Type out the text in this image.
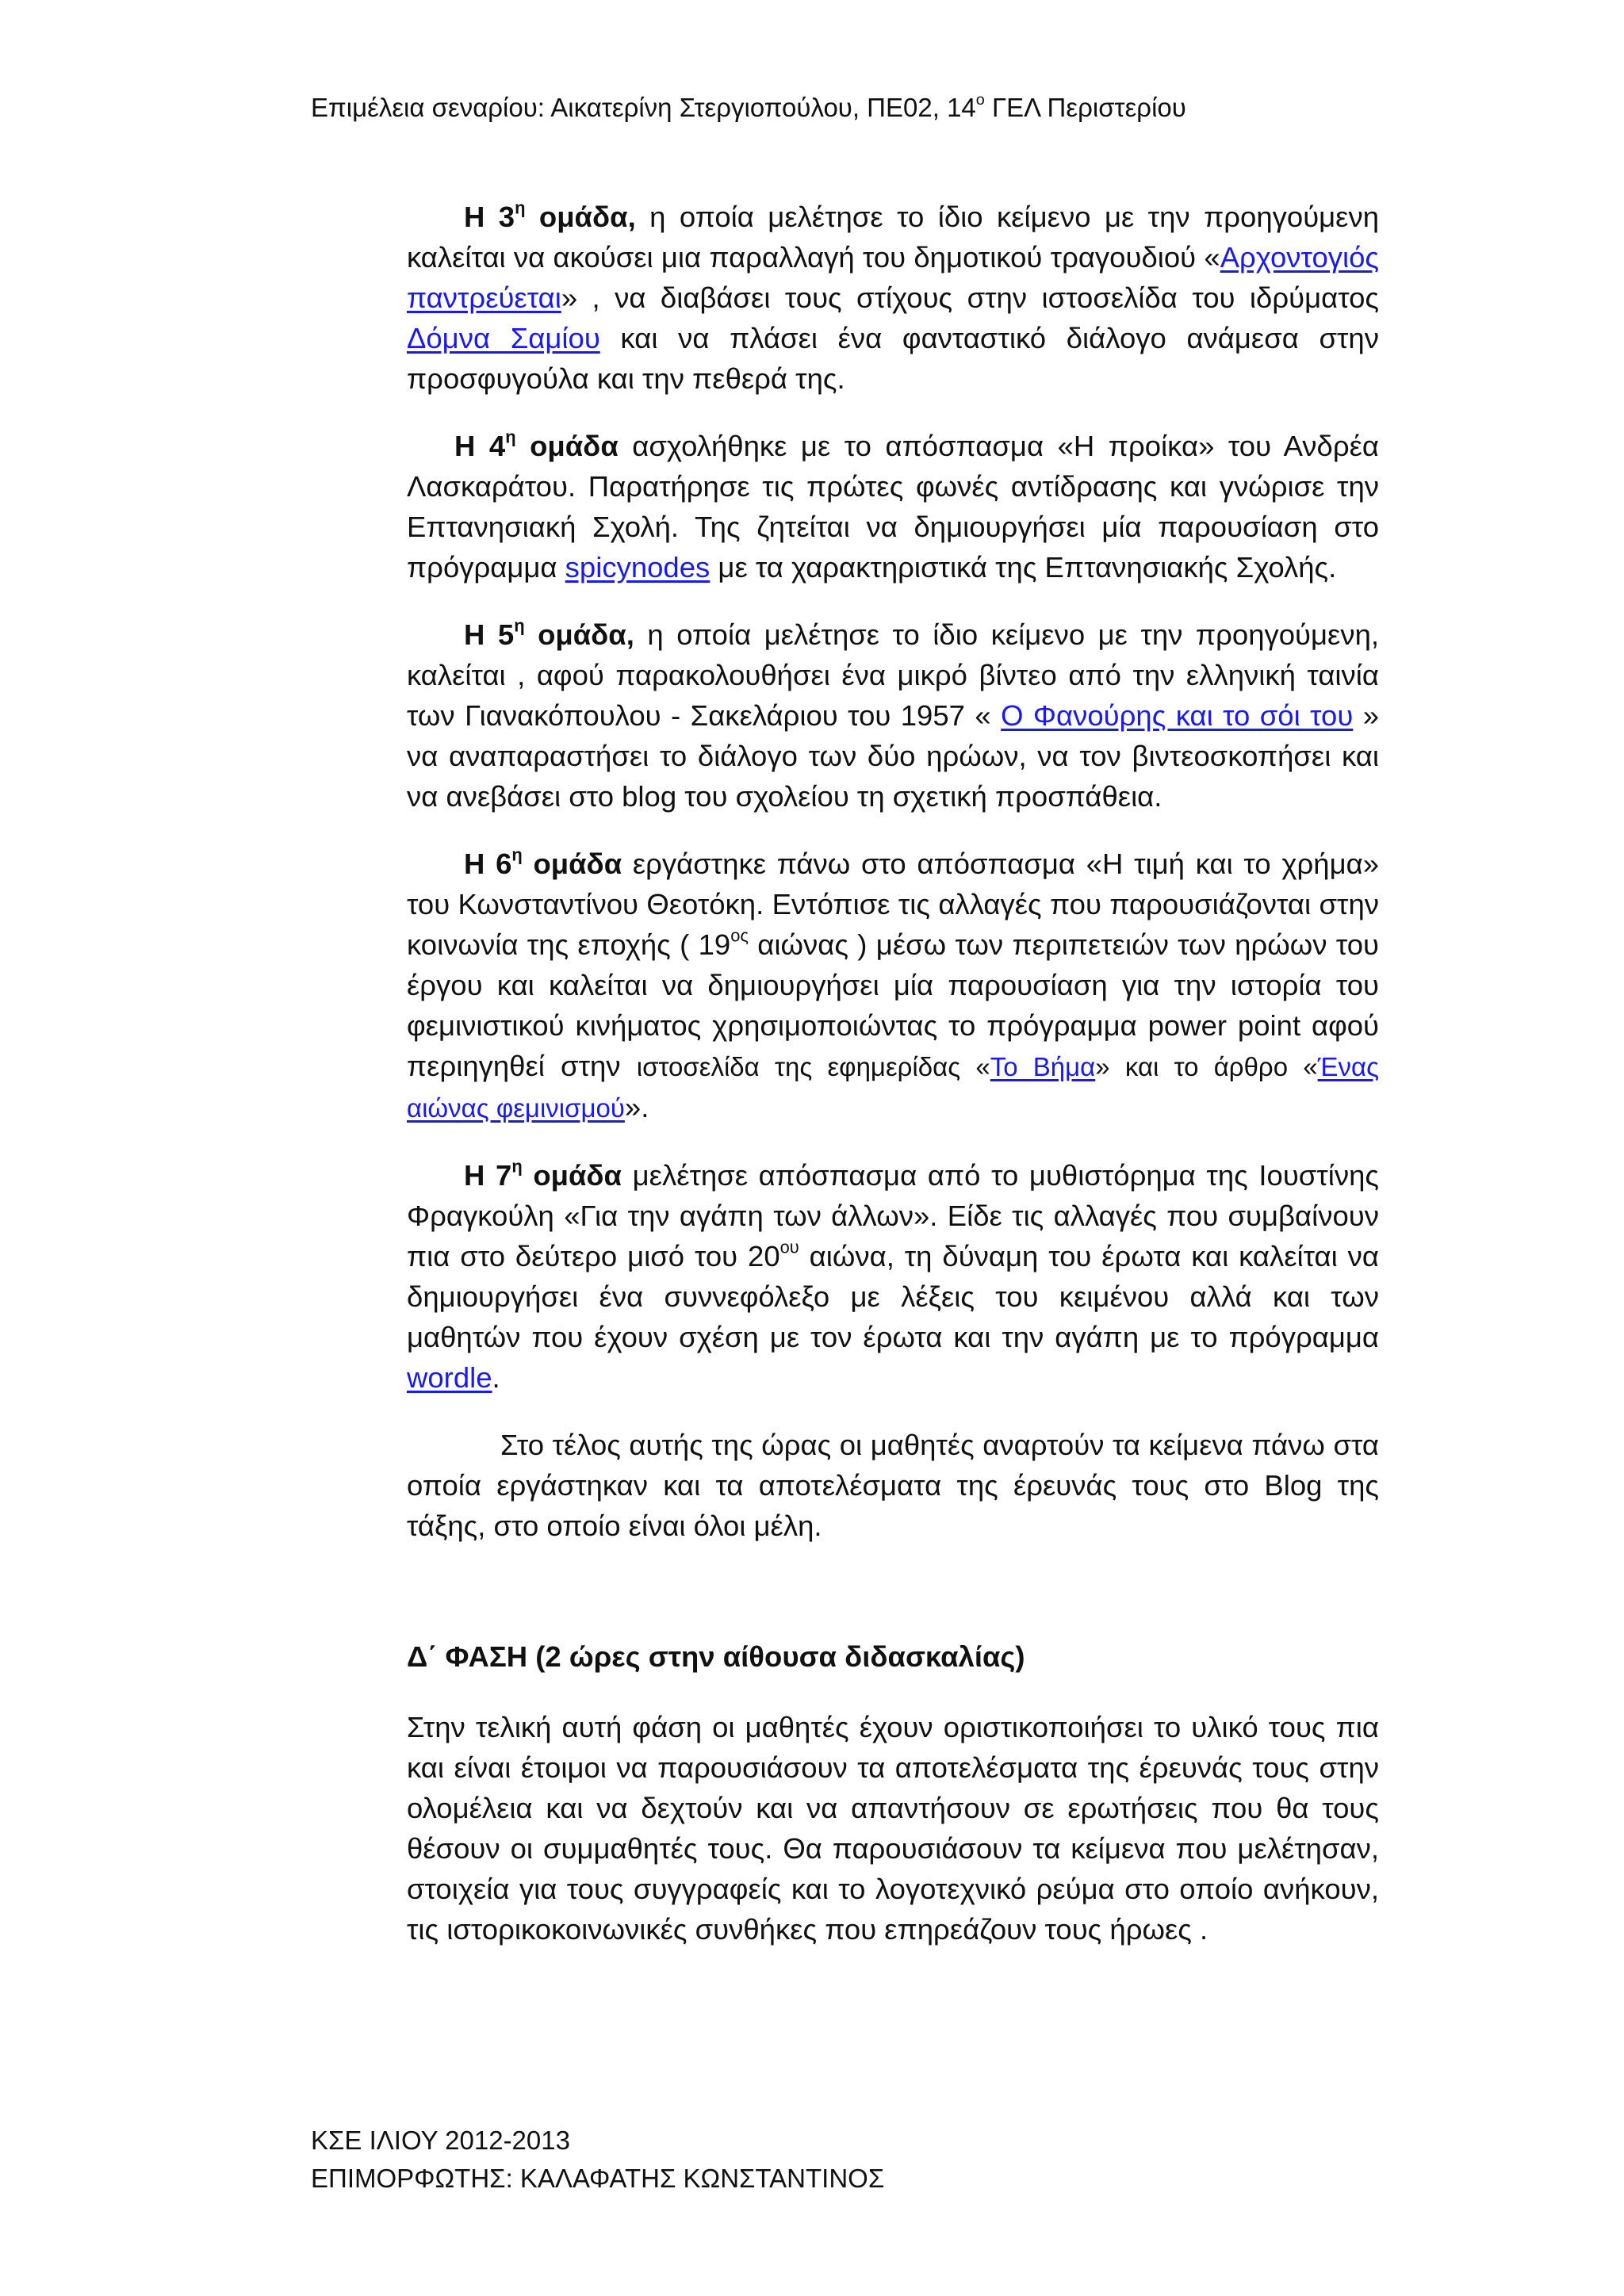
Επιμέλεια σεναρίου: Αικατερίνη Στεργιοπούλου, ΠΕ02, $14^o$ ΓΕΛ Περιστερίου

Η $3^\eta$ ομάδα, η οποία μελέτησε το ίδιο κείμενο με την προηγούμενη καλείται να ακούσει μια παραλλαγή του δημοτικού τραγουδιού «Αρχοντογιός παντρεύεται» , να διαβάσει τους στίχους στην ιστοσελίδα του ιδρύματος Δόμνα Σαμίου και να πλάσει ένα φανταστικό διάλογο ανάμεσα στην προσφυγούλα και την πεθερά της.

Η $4^\eta$ ομάδα ασχολήθηκε με το απόσπασμα «Η προίκα» του Ανδρέα Λασκαράτου. Παρατήρησε τις πρώτες φωνές αντίδρασης και γνώρισε την Επτανησιακή Σχολή. Της ζητείται να δημιουργήσει μία παρουσίαση στο πρόγραμμα spicynodes με τα χαρακτηριστικά της Επτανησιακής Σχολής.

Η $5^\eta$ ομάδα, η οποία μελέτησε το ίδιο κείμενο με την προηγούμενη, καλείται , αφού παρακολουθήσει ένα μικρό βίντεο από την ελληνική ταινία των Γιανακόπουλου - Σακελάριου του 1957 « Ο Φανούρης και το σόι του » να αναπαραστήσει το διάλογο των δύο ηρώων, να τον βιντεοσκοπήσει και να ανεβάσει στο blog του σχολείου τη σχετική προσπάθεια.

Η $6^\eta$ ομάδα εργάστηκε πάνω στο απόσπασμα «Η τιμή και το χρήμα» του Κωνσταντίνου Θεοτόκη. Εντόπισε τις αλλαγές που παρουσιάζονται στην κοινωνία της εποχής ( $19^{o\varsigma}$ αιώνας ) μέσω των περιπετειών των ηρώων του έργου και καλείται να δημιουργήσει μία παρουσίαση για την ιστορία του φεμινιστικού κινήματος χρησιμοποιώντας το πρόγραμμα power point αφού περιηγηθεί στην ιστοσελίδα της εφημερίδας «Το Βήμα» και το άρθρο «Ένας αιώνας φεμινισμού».

Η $7^\eta$ ομάδα μελέτησε απόσπασμα από το μυθιστόρημα της Ιουστίνης Φραγκούλη «Για την αγάπη των άλλων». Είδε τις αλλαγές που συμβαίνουν πια στο δεύτερο μισό του $20^{o\upsilon}$ αιώνα, τη δύναμη του έρωτα και καλείται να δημιουργήσει ένα συννεφόλεξο με λέξεις του κειμένου αλλά και των μαθητών που έχουν σχέση με τον έρωτα και την αγάπη με το πρόγραμμα wordle.

Στο τέλος αυτής της ώρας οι μαθητές αναρτούν τα κείμενα πάνω στα οποία εργάστηκαν και τα αποτελέσματα της έρευνάς τους στο Blog της τάξης, στο οποίο είναι όλοι μέλη.

Δ΄ ΦΑΣΗ (2 ώρες στην αίθουσα διδασκαλίας)

Στην τελική αυτή φάση οι μαθητές έχουν οριστικοποιήσει το υλικό τους πια και είναι έτοιμοι να παρουσιάσουν τα αποτελέσματα της έρευνάς τους στην ολομέλεια και να δεχτούν και να απαντήσουν σε ερωτήσεις που θα τους θέσουν οι συμμαθητές τους. Θα παρουσιάσουν τα κείμενα που μελέτησαν, στοιχεία για τους συγγραφείς και το λογοτεχνικό ρεύμα στο οποίο ανήκουν, τις ιστορικοκοινωνικές συνθήκες που επηρεάζουν τους ήρωες .

ΚΣΕ ΙΛΙΟΥ 2012-2013
ΕΠΙΜΟΡΦΩΤΗΣ: ΚΑΛΑΦΑΤΗΣ ΚΩΝΣΤΑΝΤΙΝΟΣ
